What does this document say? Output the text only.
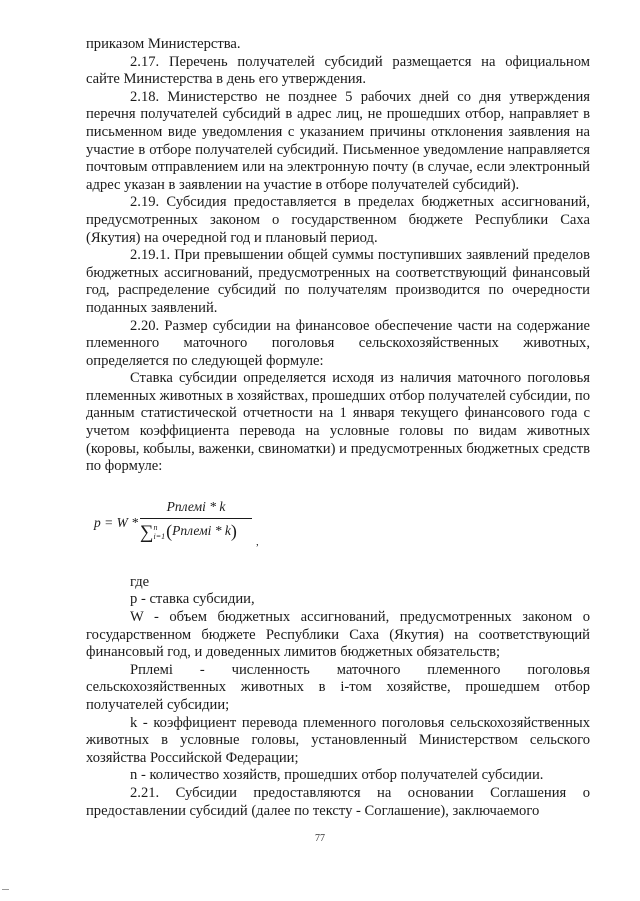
приказом Министерства.

2.17. Перечень получателей субсидий размещается на официальном сайте Министерства в день его утверждения.

2.18. Министерство не позднее 5 рабочих дней со дня утверждения перечня получателей субсидий в адрес лиц, не прошедших отбор, направляет в письменном виде уведомления с указанием причины отклонения заявления на участие в отборе получателей субсидий. Письменное уведомление направляется почтовым отправлением или на электронную почту (в случае, если электронный адрес указан в заявлении на участие в отборе получателей субсидий).

2.19. Субсидия предоставляется в пределах бюджетных ассигнований, предусмотренных законом о государственном бюджете Республики Саха (Якутия) на очередной год и плановый период.

2.19.1. При превышении общей суммы поступивших заявлений пределов бюджетных ассигнований, предусмотренных на соответствующий финансовый год, распределение субсидий по получателям производится по очередности поданных заявлений.

2.20. Размер субсидии на финансовое обеспечение части на содержание племенного маточного поголовья сельскохозяйственных животных, определяется по следующей формуле:

Ставка субсидии определяется исходя из наличия маточного поголовья племенных животных в хозяйствах, прошедших отбор получателей субсидии, по данным статистической отчетности на 1 января текущего финансового года с учетом коэффициента перевода на условные головы по видам животных (коровы, кобылы, важенки, свиноматки) и предусмотренных бюджетных средств по формуле:

p = W *
Pплемі * k
∑n
i=1(Pплемі * k)
,

где

p - ставка субсидии,

W - объем бюджетных ассигнований, предусмотренных законом о государственном бюджете Республики Саха (Якутия) на соответствующий финансовый год, и доведенных лимитов бюджетных обязательств;

Pплемі - численность маточного племенного поголовья сельскохозяйственных животных в i-том хозяйстве, прошедшем отбор получателей субсидии;

k - коэффициент перевода племенного поголовья сельскохозяйственных животных в условные головы, установленный Министерством сельского хозяйства Российской Федерации;

n - количество хозяйств, прошедших отбор получателей субсидии.

2.21. Субсидии предоставляются на основании Соглашения о предоставлении субсидий (далее по тексту - Соглашение), заключаемого

77
